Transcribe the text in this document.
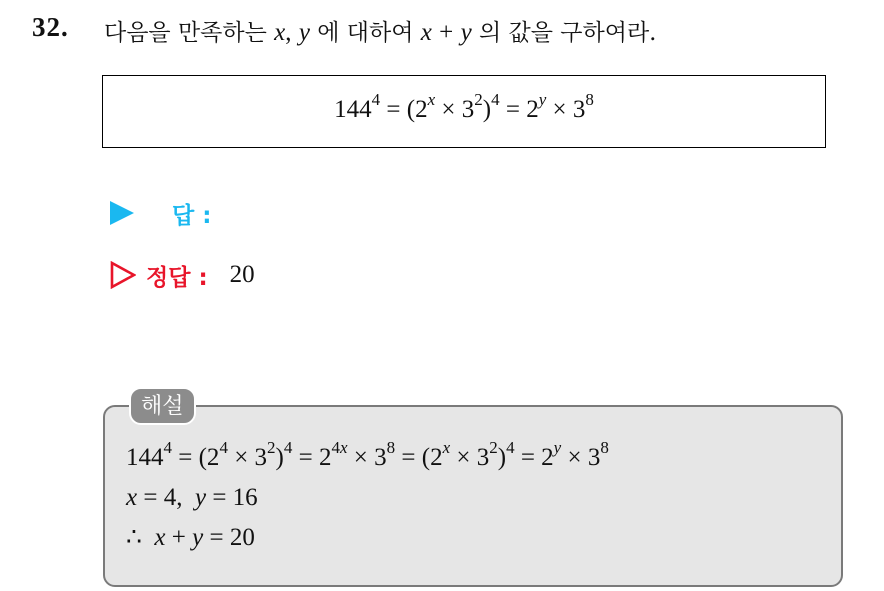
32. 다음을 만족하는 x, y 에 대하여 x + y 의 값을 구하여라.
$144^4 = (2^x \times 3^2)^4 = 2^y \times 3^8$
답 :
정답 : 20
해설
$144^4 = (2^4 \times 3^2)^4 = 2^{4x} \times 3^8 = (2^x \times 3^2)^4 = 2^y \times 3^8$
x = 4,  y = 16
∴ x + y = 20
